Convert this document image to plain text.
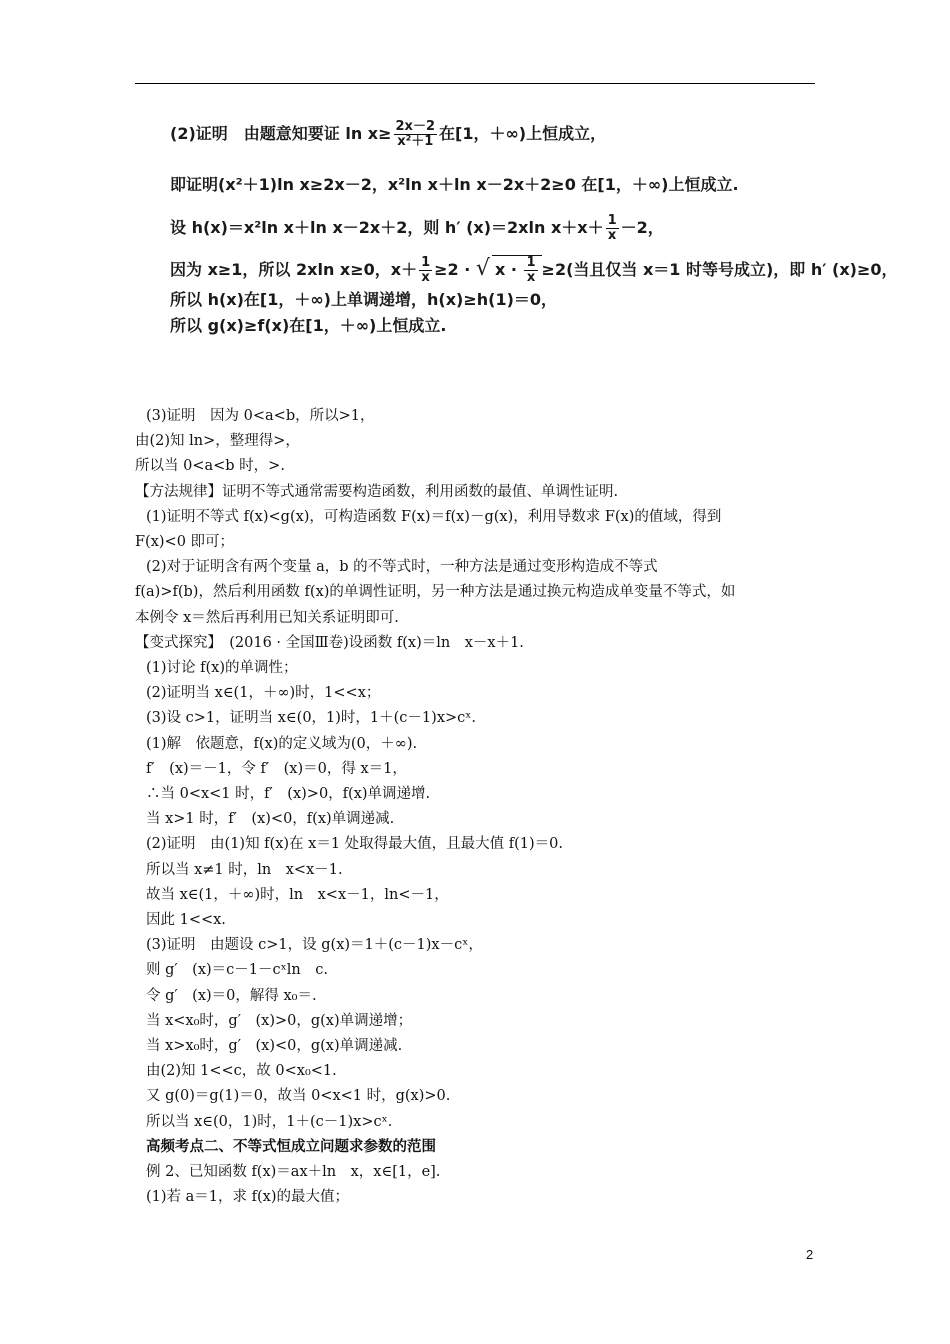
(2)证明　由题意知要证 $\ln x\ge \frac{2x-2}{\text{x²＋1}}$ 在[1，＋∞)上恒成立，
即证明(x²＋1)ln x≥2x－2，x²ln x＋ln x－2x＋2≥0 在[1，＋∞)上恒成立.
设 h(x)＝x²ln x＋ln x－2x＋2，则 h′ (x)＝2xln $x+x+ \frac{1}{x} -2$，
因为 x≥1，所以 2xln x≥0，$x+ \frac{1}{x} \ge 2$ · √ $x \cdot \frac{1}{x} \ge 2$(当且仅当 x＝1 时等号成立)，即 h′ (x)≥0，
所以 h(x)在[1，＋∞)上单调递增，h(x)≥h(1)＝0，
所以 g(x)≥f(x)在[1，＋∞)上恒成立.
(3)证明　因为 0<a<b，所以>1，
由(2)知 ln>，整理得>，
所以当 0<a<b 时，>.
【方法规律】证明不等式通常需要构造函数，利用函数的最值、单调性证明.
(1)证明不等式 f(x)<g(x)，可构造函数 F(x)＝f(x)－g(x)，利用导数求 F(x)的值域，得到
F(x)<0 即可；
(2)对于证明含有两个变量 a，b 的不等式时，一种方法是通过变形构造成不等式
f(a)>f(b)，然后利用函数 f(x)的单调性证明，另一种方法是通过换元构造成单变量不等式，如
本例令 x＝然后再利用已知关系证明即可.
【变式探究】　(2016 · 全国Ⅲ卷)设函数 f(x)＝ln　x－x＋1.
(1)讨论 f(x)的单调性；
(2)证明当 x∈(1，＋∞)时，1<<x；
(3)设 c>1，证明当 x∈(0，1)时，1＋(c－1)x>cˣ.
(1)解　依题意，f(x)的定义域为(0，＋∞).
f′　(x)＝－1，令 f′　(x)＝0，得 x＝1，
∴当 0<x<1 时，f′　(x)>0，f(x)单调递增.
当 x>1 时，f′　(x)<0，f(x)单调递减.
(2)证明　由(1)知 f(x)在 x＝1 处取得最大值，且最大值 f(1)＝0.
所以当 x≠1 时，ln　x<x－1.
故当 x∈(1，＋∞)时，ln　x<x－1，ln<－1，
因此 1<<x.
(3)证明　由题设 c>1，设 g(x)＝1＋(c－1)x－cˣ，
则 g′　(x)＝c－1－cˣln　c.
令 g′　(x)＝0，解得 x₀＝.
当 x<x₀时，g′　(x)>0，g(x)单调递增；
当 x>x₀时，g′　(x)<0，g(x)单调递减.
由(2)知 1<<c，故 0<x₀<1.
又 g(0)＝g(1)＝0，故当 0<x<1 时，g(x)>0.
所以当 x∈(0，1)时，1＋(c－1)x>cˣ.
高频考点二、不等式恒成立问题求参数的范围
例 2、已知函数 f(x)＝ax＋ln　x，x∈[1，e].
(1)若 a＝1，求 f(x)的最大值；
2
